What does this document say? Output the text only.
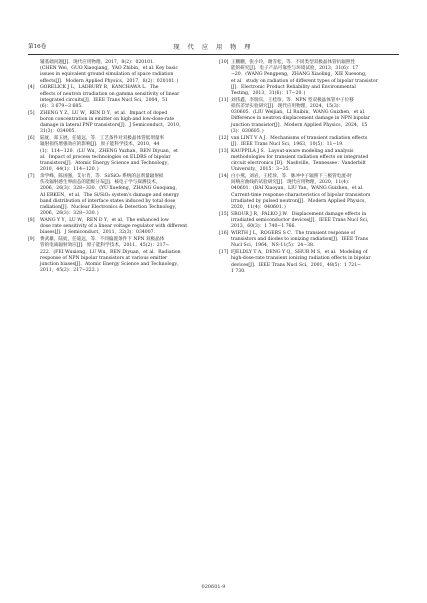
第16卷	现 代 应 用 物 理

辅基础问题[J]．现代应用物理，2017，8(2)：020101．

(CHEN Wei，GUO Xiaoqiang，YAO Zhibin，et al. Key basic

issues in equivalent ground simulation of space radiation

effects[J]．Modern Applied Physics，2017，8(2)：020101．)

[4]	GORELICK J L，LADBURY R，KANCHAWA L．The

effects of neutron irradiation on gamma sensitivity of linear

integrated circuits[J]．IEEE Trans Nucl Sci，2004，51

(6)：3 679−3 685．

[5]	ZHENG Y Z，LU W，REN D Y，et al．Impact of doped

boron concentration in emitter on high-and low-dose-rate

damage in lateral PNP transistors[J]．J Semiconduct，2010，

31(3)：034005．

[6]	陆妩，郑玉展，任迪远，等．工艺条件对双极晶体管低剂量率

辐射损伤增强效应的影响[J]．原子能科学技术，2010，44

(1)：114−120．(LU Wu，ZHENG Yuzhan，REN Diyuan，et

al．Impact of process technologies on ELDRS of bipolar

transistors[J]．Atomic Energy Science and Technology，

2010，44(1)：114−120．)

[7]	余学峰，陈国强，艾尔肯，等．Si/SiO₂ 系统的总剂量辐射损

伤及辐射感生界面态的能级分布[J]．核电子学与探测技术，

2006，26(3)：328−330．(YU Xuefeng，ZHANG Guoqiang，

AI ERKEN，et al．The Si/SiO₂ system's damage and energy

band distribution of interface states induced by total dose

radiation[J]．Nuclear Electronics & Detection Technology，

2006，26(3)：328−330．)

[8]	WANG Y Y，LU W，REN D Y，et al．The enhanced low

dose rate sensitivity of a linear voltage regulator with different

biases[J]．J Semiconduct，2011，32(3)：034007．

[9]	费武雄，陆妩，任迪远，等．不同偏置条件下 NPN 双极晶体

管的电离辐射效应[J]．原子能科学技术，2011，45(2)：217−

222．(FEI Wuxiong，LU Wu，REN Diyuan，et al．Radiation

response of NPN bipolar transistors at various emitter

junction biases[J]．Atomic Energy Science and Technology，

2011，45(2)：217−222．)

[10] 王鹏鹏，张小玲，谢雪松，等．不同类型双极晶体管抗辐照性

能的研究[J]．电子产品可靠性与环境试验，2013，31(6)：17

−20．(WANG Pengpeng，ZHANG Xiaoling，XIE Xuesong，

et al．study on radiation of different types of bipolar transistor

[J]．Electronic Product Reliability and Environmental

Testing，2013，31(6)：17−20．)

[11] 刘伟鑫，李瑞宾，王桂珍，等．NPN 型双极晶体管中子位移

损伤差异实验研究[J]．现代应用物理，2024，15(3)：

030605．(LIU Weijian，LI Ruibin，WANG Guizhen，et al．

Difference in neutron displacement damage in NPN bipolar

junction transistor[J]．Modern Applied Physics，2024，15

(3)：030605．)

[12] van LINT V A J．Mechanisms of transient radiation effects

[J]．IEEE Trans Nucl Sci，1963，10(5)：11−19．

[13] KAUPPILA J S．Layout-aware modeling and analysis

methodologies for transient radiation effects on integrated

circuit electronics [D]．Nashville，Tennessee：Vanderbilt

University，2015：3−35．

[14] 白小燕，刘岩，王桂珍，等．脉冲中子辐照下三极管电流-时

间响应曲线的试验研究[J]．现代应用物理，2020，11(4)：

040601．(BAI Xiaoyan，LIU Yan，WANG Guizhen，et al．

Current-time response characteristics of bipolar transistors

irradiated by pulsed neutron[J]．Modern Applied Physics，

2020，11(4)：040601．)

[15] SROUR J R，PALKO J W．Displacement damage effects in

irradiated semiconductor devices[J]．IEEE Trans Nucl Sci，

2013，60(3)：1 740−1 766．

[16] WIRTH J L，ROGERS S C．The transient response of

transistors and diodes to ionizing radiation[J]．IEEE Trans

Nucl Sci，1964，NS-11(5)：24−38．

[17] FJELDLY T A，DENG Y Q，SHUR M S，et al．Modeling of

high-dose-rate transient ionizing radiation effects in bipolar

devices[J]．IEEE Trans Nucl Sci，2001，48(5)：1 721−

1 730．

020601-9
